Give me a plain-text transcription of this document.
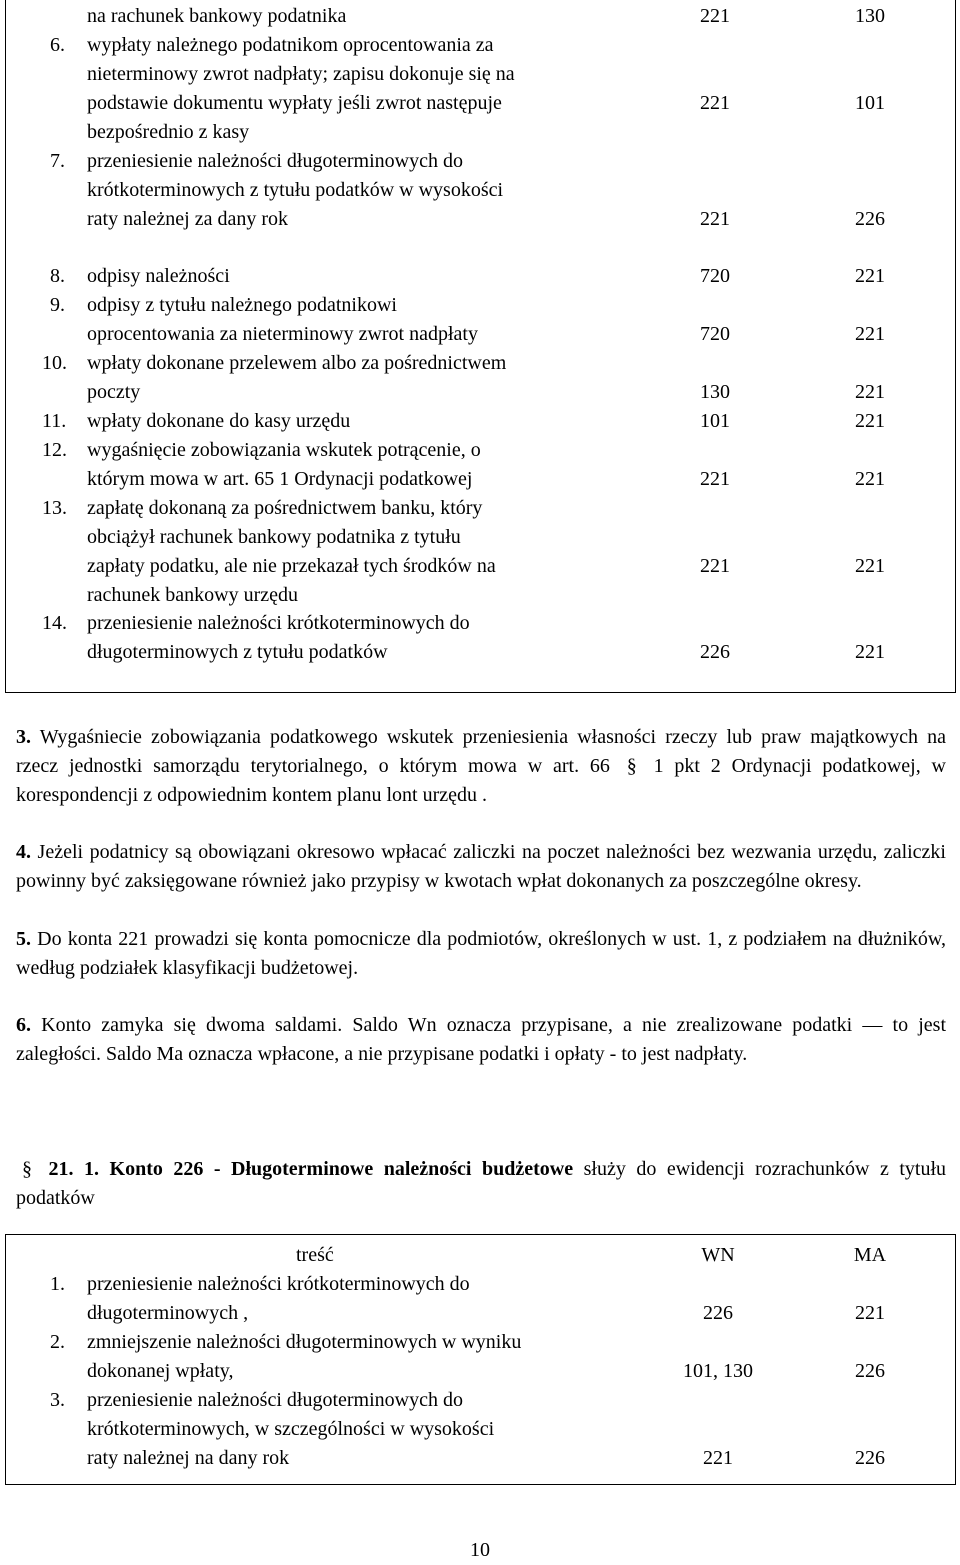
na rachunek bankowy podatnika	221	130
6.	wypłaty należnego podatnikom oprocentowania za
nieterminowy zwrot nadpłaty; zapisu dokonuje się na
podstawie dokumentu wypłaty jeśli zwrot następuje
bezpośrednio z kasy
221	101
7.	przeniesienie należności długoterminowych do
krótkoterminowych z tytułu podatków w wysokości
raty należnej za dany rok	221	226
8.	odpisy należności	720	221
9.	odpisy z tytułu należnego podatnikowi
oprocentowania za nieterminowy zwrot nadpłaty	720	221
10.	wpłaty dokonane przelewem albo za pośrednictwem
poczty	130	221
11.	wpłaty dokonane do kasy urzędu	101	221
12.	wygaśnięcie zobowiązania wskutek potrącenie, o
którym mowa w art. 65 1 Ordynacji podatkowej	221	221
13.	zapłatę dokonaną za pośrednictwem banku, który
obciążył rachunek bankowy podatnika z tytułu
zapłaty podatku, ale nie przekazał tych środków na
rachunek bankowy urzędu
221	221
14.	przeniesienie należności krótkoterminowych do
długoterminowych z tytułu podatków	226	221
3. Wygaśniecie zobowiązania podatkowego wskutek przeniesienia własności rzeczy lub praw majątkowych na rzecz jednostki samorządu terytorialnego, o którym mowa w art. 66 § 1 pkt 2 Ordynacji podatkowej, w korespondencji z odpowiednim kontem planu lont urzędu .
4. Jeżeli podatnicy są obowiązani okresowo wpłacać zaliczki na poczet należności bez wezwania urzędu, zaliczki powinny być zaksięgowane również jako przypisy w kwotach wpłat dokonanych za poszczególne okresy.
5. Do konta 221 prowadzi się konta pomocnicze dla podmiotów, określonych w ust. 1, z podziałem na dłużników, według podziałek klasyfikacji budżetowej.
6. Konto zamyka się dwoma saldami. Saldo Wn oznacza przypisane, a nie zrealizowane podatki — to jest zaległości. Saldo Ma oznacza wpłacone, a nie przypisane podatki i opłaty - to jest nadpłaty.
§ 21. 1. Konto 226 - Długoterminowe należności budżetowe służy do ewidencji rozrachunków z tytułu podatków
treść	WN	MA
1.	przeniesienie należności krótkoterminowych do
długoterminowych ,	226	221
2.	zmniejszenie należności długoterminowych w wyniku
dokonanej wpłaty,	101, 130	226
3.	przeniesienie należności długoterminowych do
krótkoterminowych, w szczególności w wysokości
raty należnej na dany rok	221	226
10
